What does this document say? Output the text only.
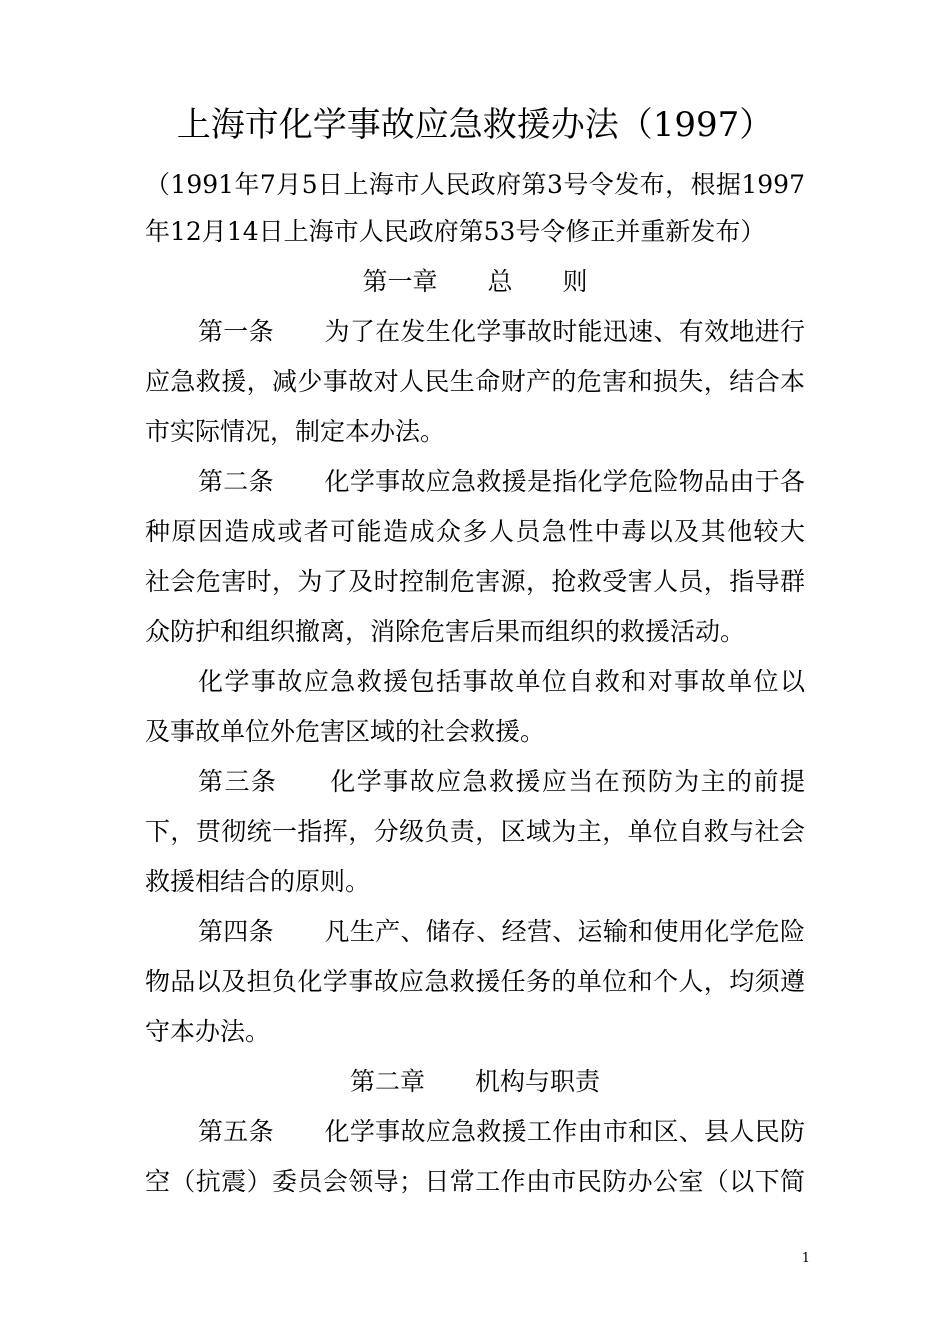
上海市化学事故应急救援办法（1997）
（1991年7月5日上海市人民政府第3号令发布，根据1997
年12月14日上海市人民政府第53号令修正并重新发布）
第一章　　总　　则
第一条　　 为了在发生化学事故时能迅速、有效地进行
应急救援，减少事故对人民生命财产的危害和损失，结合本
市实际情况，制定本办法。
第二条　　 化学事故应急救援是指化学危险物品由于各
种原因造成或者可能造成众多人员急性中毒以及其他较大
社会危害时，为了及时控制危害源，抢救受害人员，指导群
众防护和组织撤离，消除危害后果而组织的救援活动。
化学事故应急救援包括事故单位自救和对事故单位以
及事故单位外危害区域的社会救援。
第三条　　 化学事故应急救援应当在预防为主的前提
下，贯彻统一指挥，分级负责，区域为主，单位自救与社会
救援相结合的原则。
第四条　　 凡生产、储存、经营、运输和使用化学危险
物品以及担负化学事故应急救援任务的单位和个人，均须遵
守本办法。
第二章　　机构与职责
第五条　　 化学事故应急救援工作由市和区、县人民防
空（抗震）委员会领导；日常工作由市民防办公室（以下简
1
